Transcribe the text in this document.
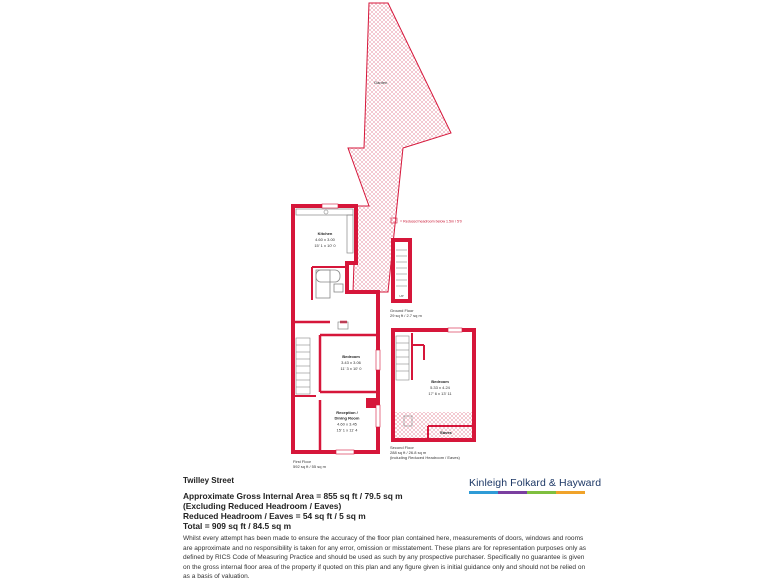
Garden
= Reduced headroom below 1.5m / 5'0
Kitchen
4.60 x 3.00
15' 1 x 10' 0
Bedroom
3.43 x 3.06
11' 3 x 10' 0
Reception /
Dining Room
4.60 x 3.45
15' 1 x 11' 4
First Floor
592 sq ft / 55 sq m
UP
Ground Floor
29 sq ft / 2.7 sq m
Bedroom
5.33 x 4.24
17' 6 x 13' 11
Eaves
Second Floor
288 sq ft / 26.8 sq m
(including Reduced Headroom / Eaves)

Twilley Street

Approximate Gross Internal Area = 855 sq ft / 79.5 sq m

(Excluding Reduced Headroom / Eaves)

Reduced Headroom / Eaves = 54 sq ft / 5 sq m

Total = 909 sq ft / 84.5 sq m

Whilst every attempt has been made to ensure the accuracy of the floor plan contained here, measurements of doors, windows and rooms are approximate and no responsibility is taken for any error, omission or misstatement. These plans are for representation purposes only as defined by RICS Code of Measuring Practice and should be used as such by any prospective purchaser. Specifically no guarantee is given on the gross internal floor area of the property if quoted on this plan and any figure given is initial guidance only and should not be relied on as a basis of valuation.
Kinleigh Folkard & Hayward
